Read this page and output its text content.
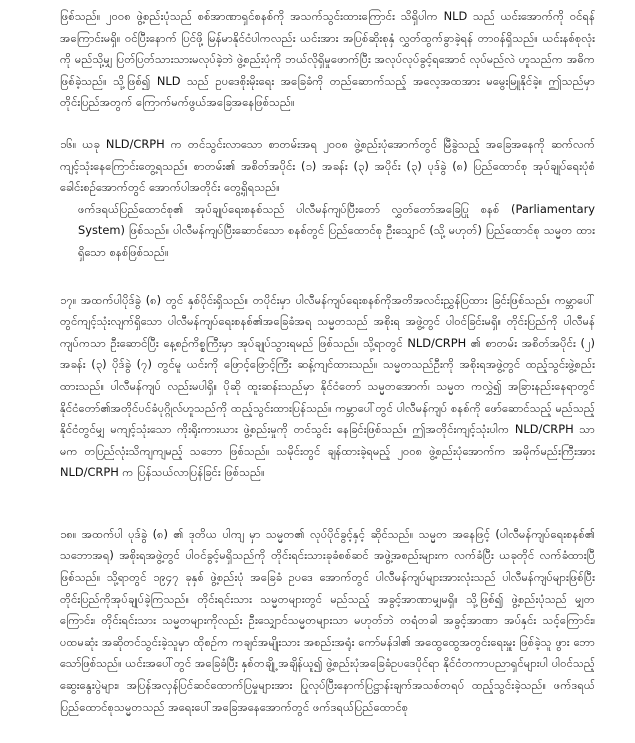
ဖြစ်သည်။ ၂၀၀၈ ဖွဲ့စည်းပုံသည် စစ်အာဏာရှင်စနစ်ကို အသက်သွင်းထားကြောင်း သိရှိပါက NLD သည် ယင်းအောက်ကို ဝင်ရန်အကြောင်းမရှိ။ ဝင်ပြီးနောက် ပြင်ဖို့ မြန်မာနိုင်ငံပါကလည်း ယင်းအား အပြစ်ဆိုးစုနှံ လွှတ်ထွက်ခွာခဲ့ရန် တာဝန်ရှိသည်။ ယင်းနစ်စုလုံးကို မည်သို့မျှ ပြတ်ပြတ်သားသားမလုပ်ခဲ့ဘဲ ဖွဲ့စည်းပုံကို ဘယ်လိုရှိမှုဖောက်ပြီး အလုပ်လုပ်ခွင့်ရအောင် လုပ်မည်လဲ ဟူသည်က အဓိက ဖြစ်ခဲ့သည်။ သို့ဖြစ်၍ NLD သည် ဥပဒေစိုးမိုးရေး အခြေခံကို တည်ဆောက်သည့် အလေ့အထအား မမွေးမြူနိုင်ခဲ့။ ဤသည်မှာ တိုင်းပြည်အတွက် ကြောက်မက်ဖွယ်အခြေအနေဖြစ်သည်။

၁၆။ ယခု NLD/CRPH က တင်သွင်းလာသော စာတမ်းအရ ၂၀၀၈ ဖွဲ့စည်းပုံအောက်တွင် မြီခွဲသည့် အခြေအနေကို ဆက်လက်ကျင့်သုံးနေကြောင်းတွေ့ရသည်။ စာတမ်း၏ အစိတ်အပိုင်း (၁) အခန်း (၃) အပိုင်း (၃) ပုဒ်ခွဲ (၈) ပြည်ထောင်စု အုပ်ချုပ်ရေးပုံစံ ခေါင်းစဉ်အောက်တွင် အောက်ပါအတိုင်း တွေ့ရှိရသည်။

ဖက်ဒရယ်ပြည်ထောင်စု၏ အုပ်ချုပ်ရေးစနစ်သည် ပါလီမန်ကျပ်ပြီးတော် လွှတ်တော်အခြေပြု စနစ် (Parliamentary System) ဖြစ်သည်။ ပါလီမန်ကျပ်ပြီးဆောင်သော စနစ်တွင် ပြည်ထောင်စု ဦးသျှောင် (သို့ မဟုတ်) ပြည်ထောင်စု သမ္မတ ထားရှိသော စနစ်ဖြစ်သည်။

၁၇။ အထက်ပါပိုဒ်ခွဲ (၈) တွင် နှစ်ပိုင်းရှိသည်။ တပိုင်းမှာ ပါလီမန်ကျပ်ရေးစနစ်ကိုအတိအလင်းညွှန်ပြထား ခြင်းဖြစ်သည်။ ကမ္ဘာပေါ်တွင်ကျင့်သုံးလျက်ရှိသော ပါလီမန်ကျပ်ရေးစနစ်၏အခြေခံအရ သမ္မတသည် အစိုးရ အဖွဲ့တွင် ပါဝင်ခြင်းမရှိ။ တိုင်းပြည်ကို ပါလီမန်ကျပ်ကသာ ဦးဆောင်ပြီး နေ့စဉ်ကိစ္စကြီးမှာ အုပ်ချုပ်သွားရမည် ဖြစ်သည်။ သို့ရာတွင် NLD/CRPH ၏ စာတမ်း အစိတ်အပိုင်း (၂) အခန်း (၃) ပိုဒ်ခွဲ (၇) တွင်မူ ယင်းကို ဖြောင့်ဖြောင့်ကြီး ဆန့်ကျင်ထားသည်။ သမ္မတသည်ဦးကို အစိုးရအဖွဲ့တွင် ထည့်သွင်းဖွဲ့စည်းထားသည်။ ပါလီမန်ကျပ် လည်းမပါရှိ။ ပိုဆို ထူးဆန်းသည်မှာ နိုင်ငံတော် သမ္မတအောက်၊ သမ္မတ ကလွှဲ၍ အခြားနည်းနေရာတွင် နိုင်ငံတော်၏အတိုင်ပင်ခံပုဂ္ဂိုလ်ဟူသည်ကို ထည့်သွင်းထားပြန်သည်။ ကမ္ဘာပေါ်တွင် ပါလီမန်ကျပ် စနစ်ကို ဖော်ဆောင်သည့် မည်သည့်နိုင်ငံတွင်မျှ မကျင့်သုံးသော ကိုးရိုးကားယား ဖွဲ့စည်းမှုကို တင်သွင်း နေခြင်းဖြစ်သည်။ ဤအတိုင်းကျင့်သုံးပါက NLD/CRPH သာမက တပြည်လုံးသိကျကျမည့် သဘော ဖြစ်သည်။ သမိုင်းတွင် ချန်ထားခဲ့ရမည့် ၂၀၀၈ ဖွဲ့စည်းပုံအောက်က အမိုက်မည်းကြီးအား NLD/CRPH က ပြန်သယ်လာပြန်ခြင်း ဖြစ်သည်။

၁၈။ အထက်ပါ ပုဒ်ခွဲ (၈) ၏ ဒုတိယ ပါကျ မှာ သမ္မတ၏ လုပ်ပိုင်ခွင့်နှင့် ဆိုင်သည်။ သမ္မတ အနေဖြင့် (ပါလီမန်ကျပ်ရေးစနစ်၏ သဘောအရ) အစိုးရအဖွဲ့တွင် ပါဝင်ခွင့်မရှိသည်ကို တိုင်းရင်းသားခုခံစစ်ဆင် အဖွဲ့အစည်းများက လက်ခံပြီး ယခုတိုင် လက်ခံထားပြီဖြစ်သည်။ သို့ရာတွင် ၁၉၄၇ ခုနှစ် ဖွဲ့စည်းပုံ အခြေခံ ဥပဒေ အောက်တွင် ပါလီမန်ကျပ်များအားလုံးသည် ပါလီမန်ကျပ်များဖြစ်ပြီး တိုင်းပြည်ကိုအုပ်ချုပ်ခဲ့ကြသည်။ တိုင်းရင်းသား သမ္မတများတွင် မည်သည့် အခွင့်အာဏာမျှမရှိ။ သို့ဖြစ်၍ ဖွဲ့စည်းပုံသည် မျှတကြောင်း၊ တိုင်းရင်းသား သမ္မတများကိုလည်း ဦးသျှောင်သမ္မတများသာ မဟုတ်ဘဲ တရံတခါ အခွင့်အာဏာ အပ်နှင်း သင့်ကြောင်း၊ ပထမဆုံး အဆိုတင်သွင်းခဲ့သူမှာ ထိုစဉ်က ကချင်အမျိုးသား အစည်းအရုံး ကော်မန်ဒါ၏ အထွေထွေအတွင်းရေးမှူး ဖြစ်ခဲ့သူ ဖွား ဘောသော်ဖြစ်သည်။ ယင်းအပေါ်တွင် အခြေခံပြီး နှစ်တချို့ အချိန်ယူ၍ ဖွဲ့စည်းပုံအခြေခံဥပဒေပိုင်ရာ နိုင်ငံတကာပညာရှင်များပါ ပါဝင်သည့် ဆွေးနွေးပွဲများ၊ အပြန်အလှန်ပြင်ဆင်ထောက်ပြမှုများအား ပြုလုပ်ပြီးနောက်ပြဋ္ဌာန်းချက်အသစ်တရပ် ထည့်သွင်းခဲ့သည်။ ဖက်ဒရယ်ပြည်ထောင်စုသမ္မတသည် အရေးပေါ်အခြေအနေအောက်တွင် ဖက်ဒရယ်ပြည်ထောင်စု
